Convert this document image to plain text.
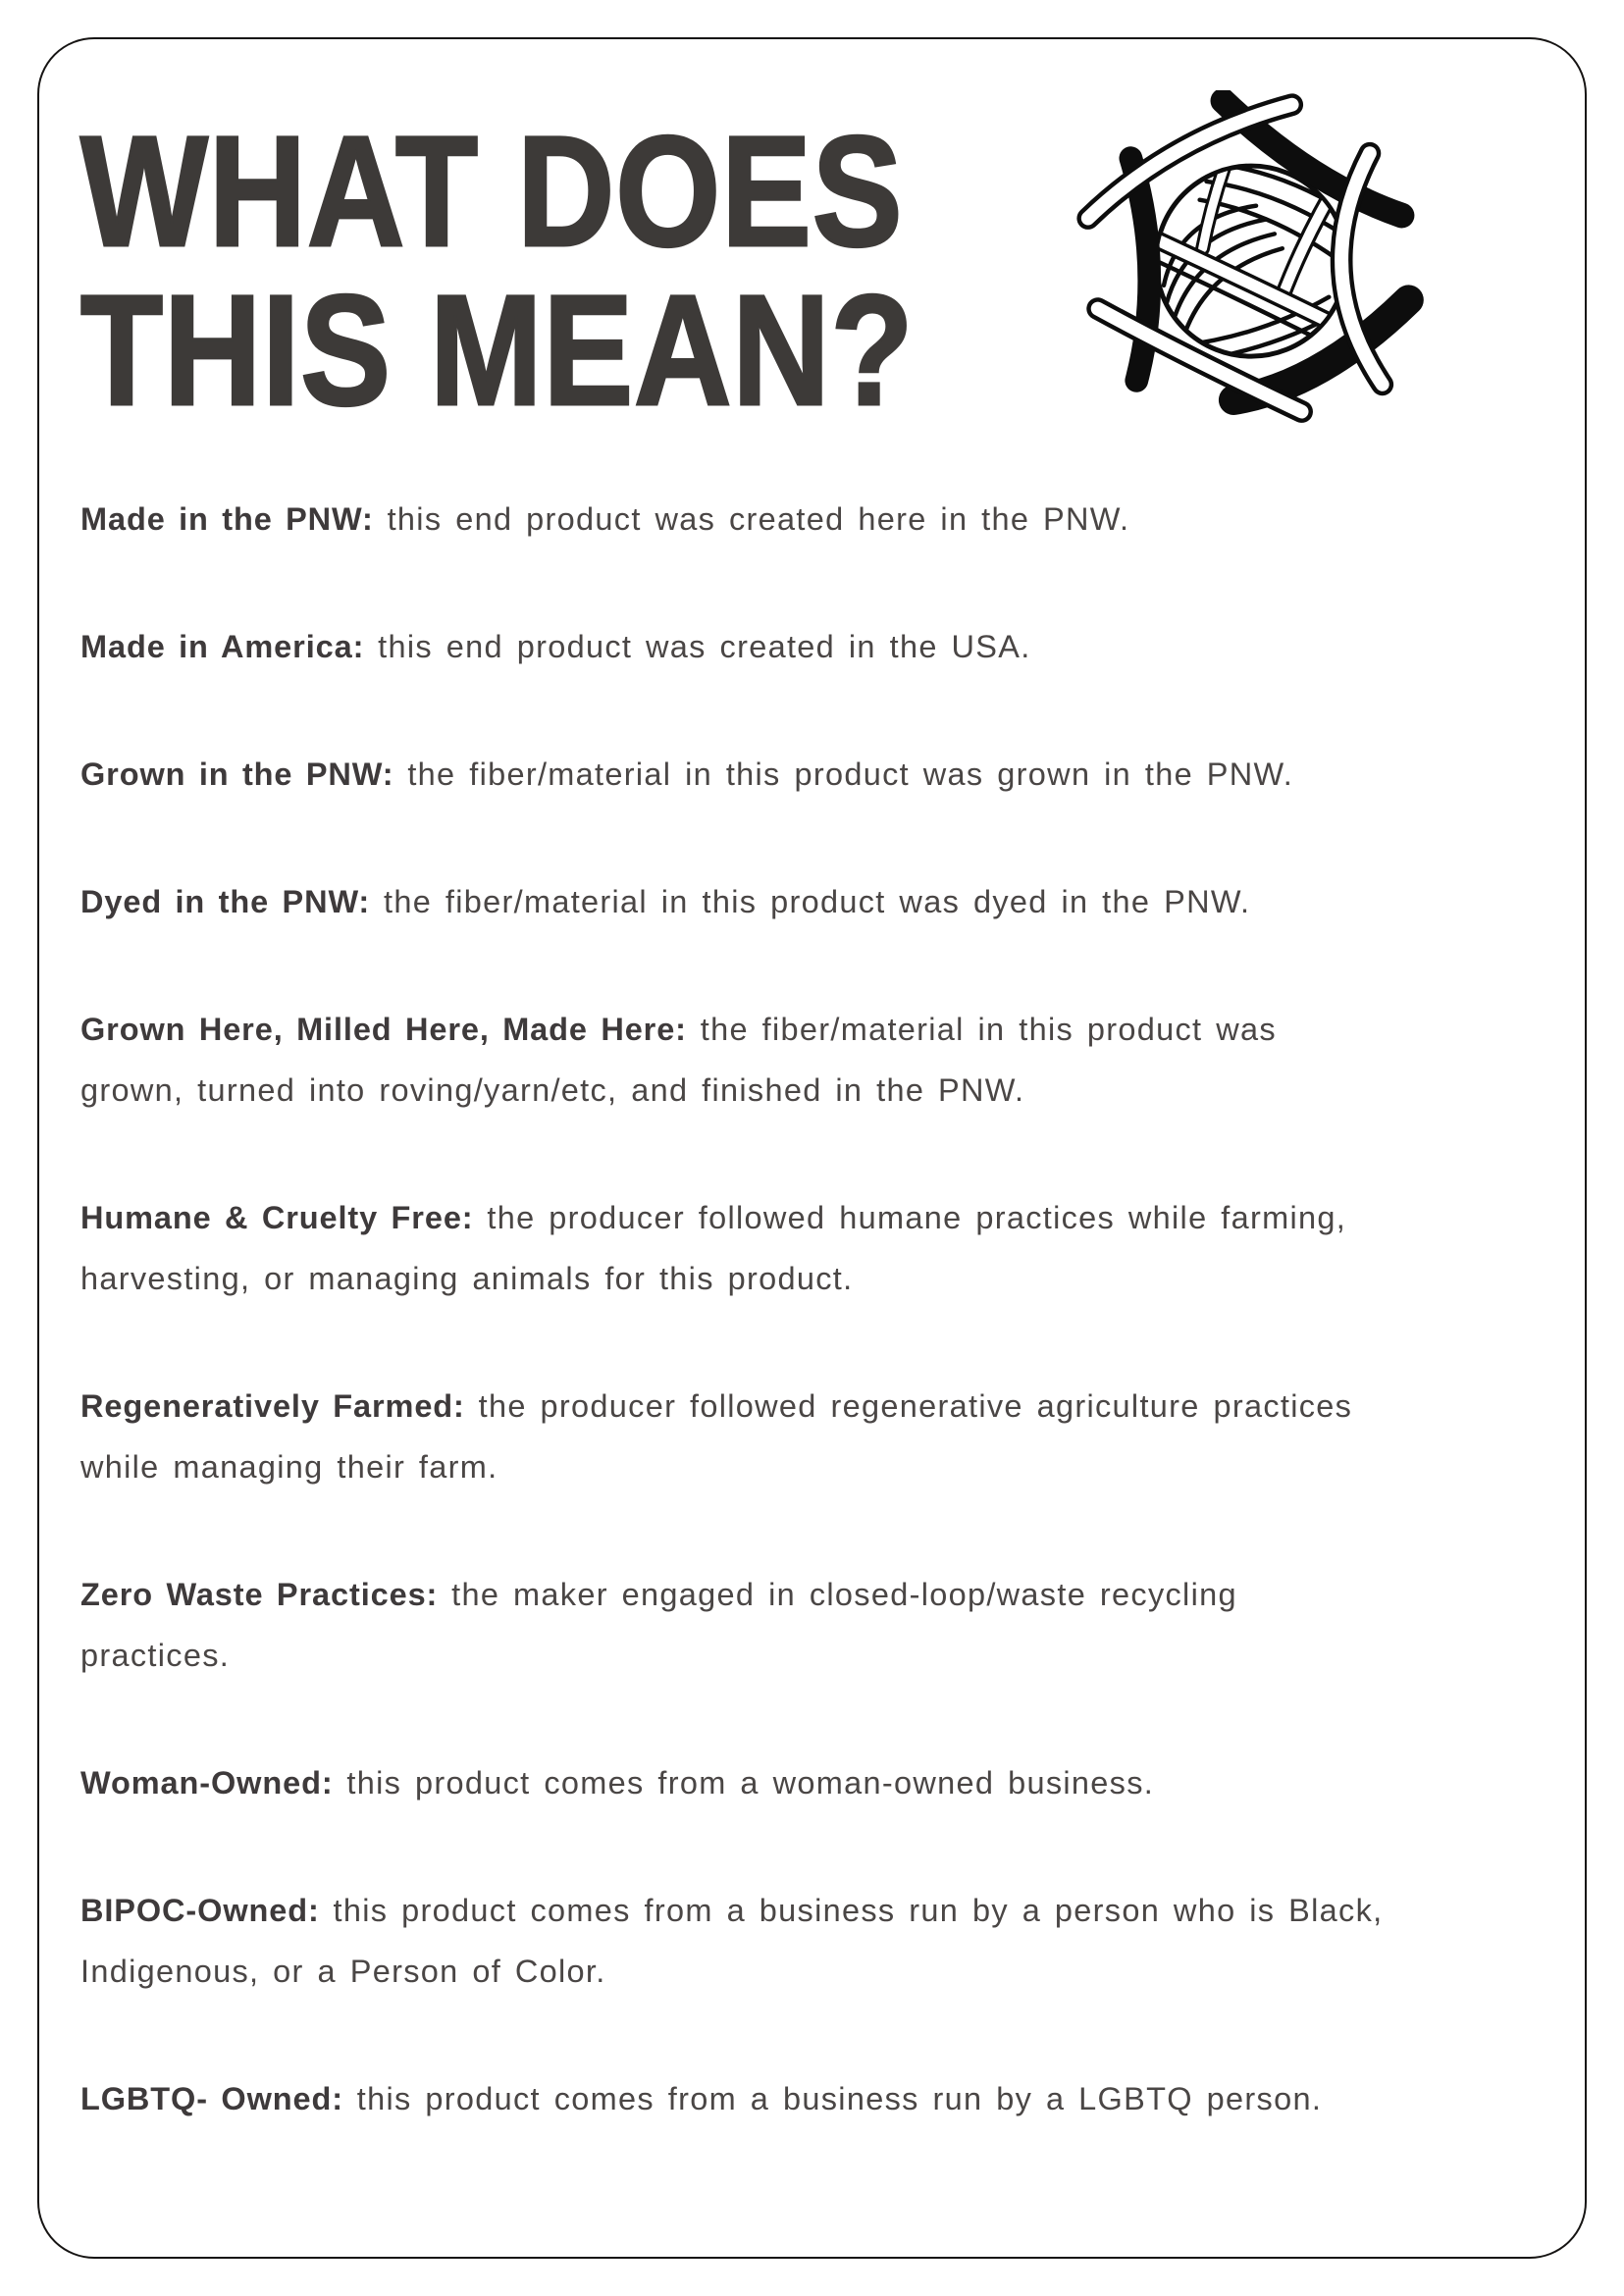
WHAT DOES
THIS MEAN?

Made in the PNW: this end product was created here in the PNW.

Made in America: this end product was created in the USA.

Grown in the PNW: the fiber/material in this product was grown in the PNW.

Dyed in the PNW: the fiber/material in this product was dyed in the PNW.

Grown Here, Milled Here, Made Here: the fiber/material in this product was
grown, turned into roving/yarn/etc, and finished in the PNW.

Humane & Cruelty Free: the producer followed humane practices while farming,
harvesting, or managing animals for this product.

Regeneratively Farmed: the producer followed regenerative agriculture practices
while managing their farm.

Zero Waste Practices: the maker engaged in closed-loop/waste recycling
practices.

Woman-Owned: this product comes from a woman-owned business.

BIPOC-Owned: this product comes from a business run by a person who is Black,
Indigenous, or a Person of Color.

LGBTQ- Owned: this product comes from a business run by a LGBTQ person.
